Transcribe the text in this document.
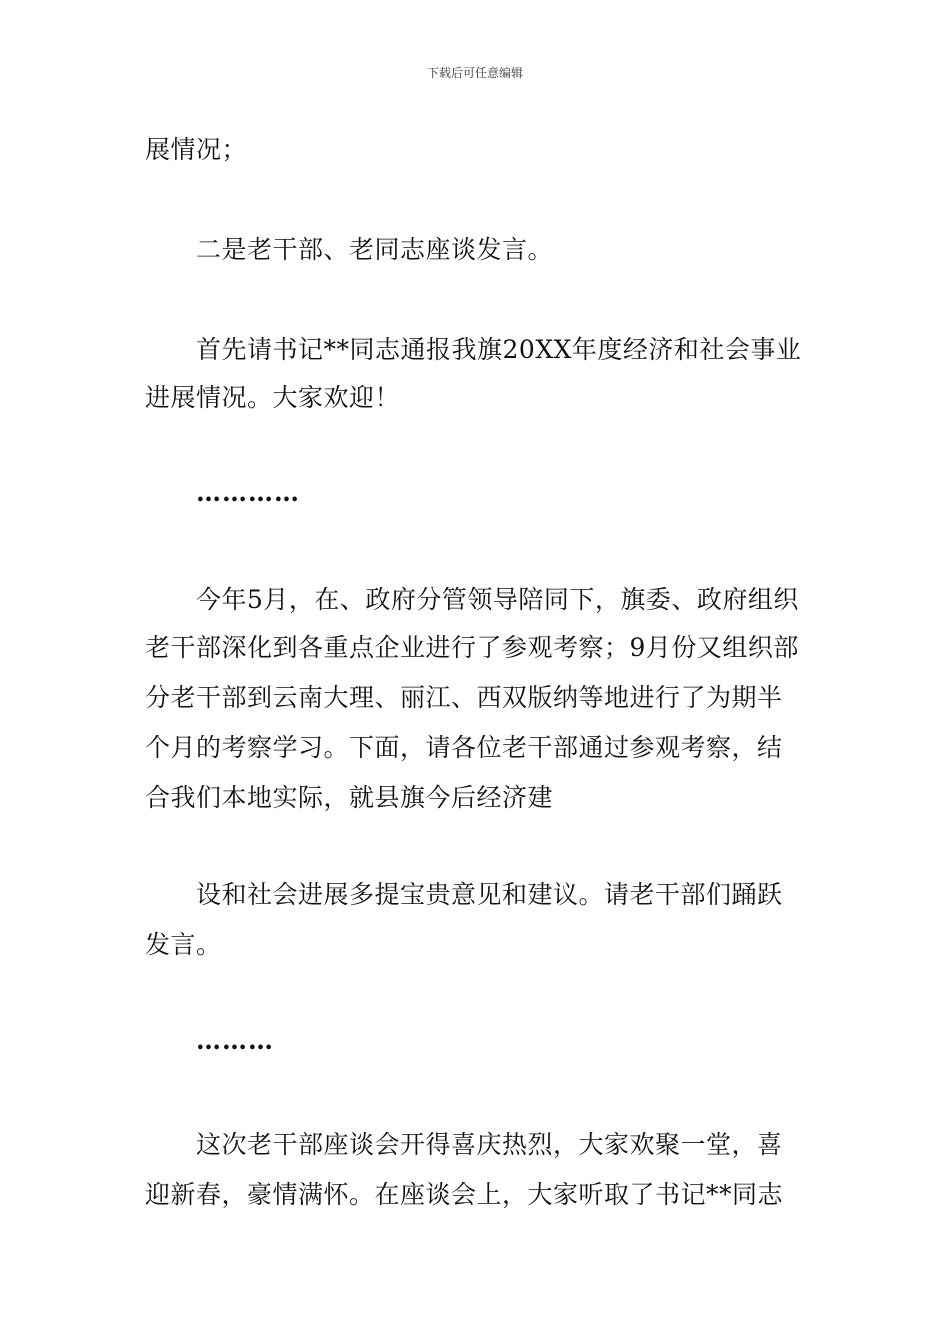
下载后可任意编辑
展情况；
二是老干部、老同志座谈发言。
首先请书记**同志通报我旗20XX年度经济和社会事业
进展情况。大家欢迎！
…………
今年5月，在、政府分管领导陪同下，旗委、政府组织
老干部深化到各重点企业进行了参观考察；9月份又组织部
分老干部到云南大理、丽江、西双版纳等地进行了为期半
个月的考察学习。下面，请各位老干部通过参观考察，结
合我们本地实际，就县旗今后经济建
设和社会进展多提宝贵意见和建议。请老干部们踊跃
发言。
………
这次老干部座谈会开得喜庆热烈，大家欢聚一堂，喜
迎新春，豪情满怀。在座谈会上，大家听取了书记**同志
